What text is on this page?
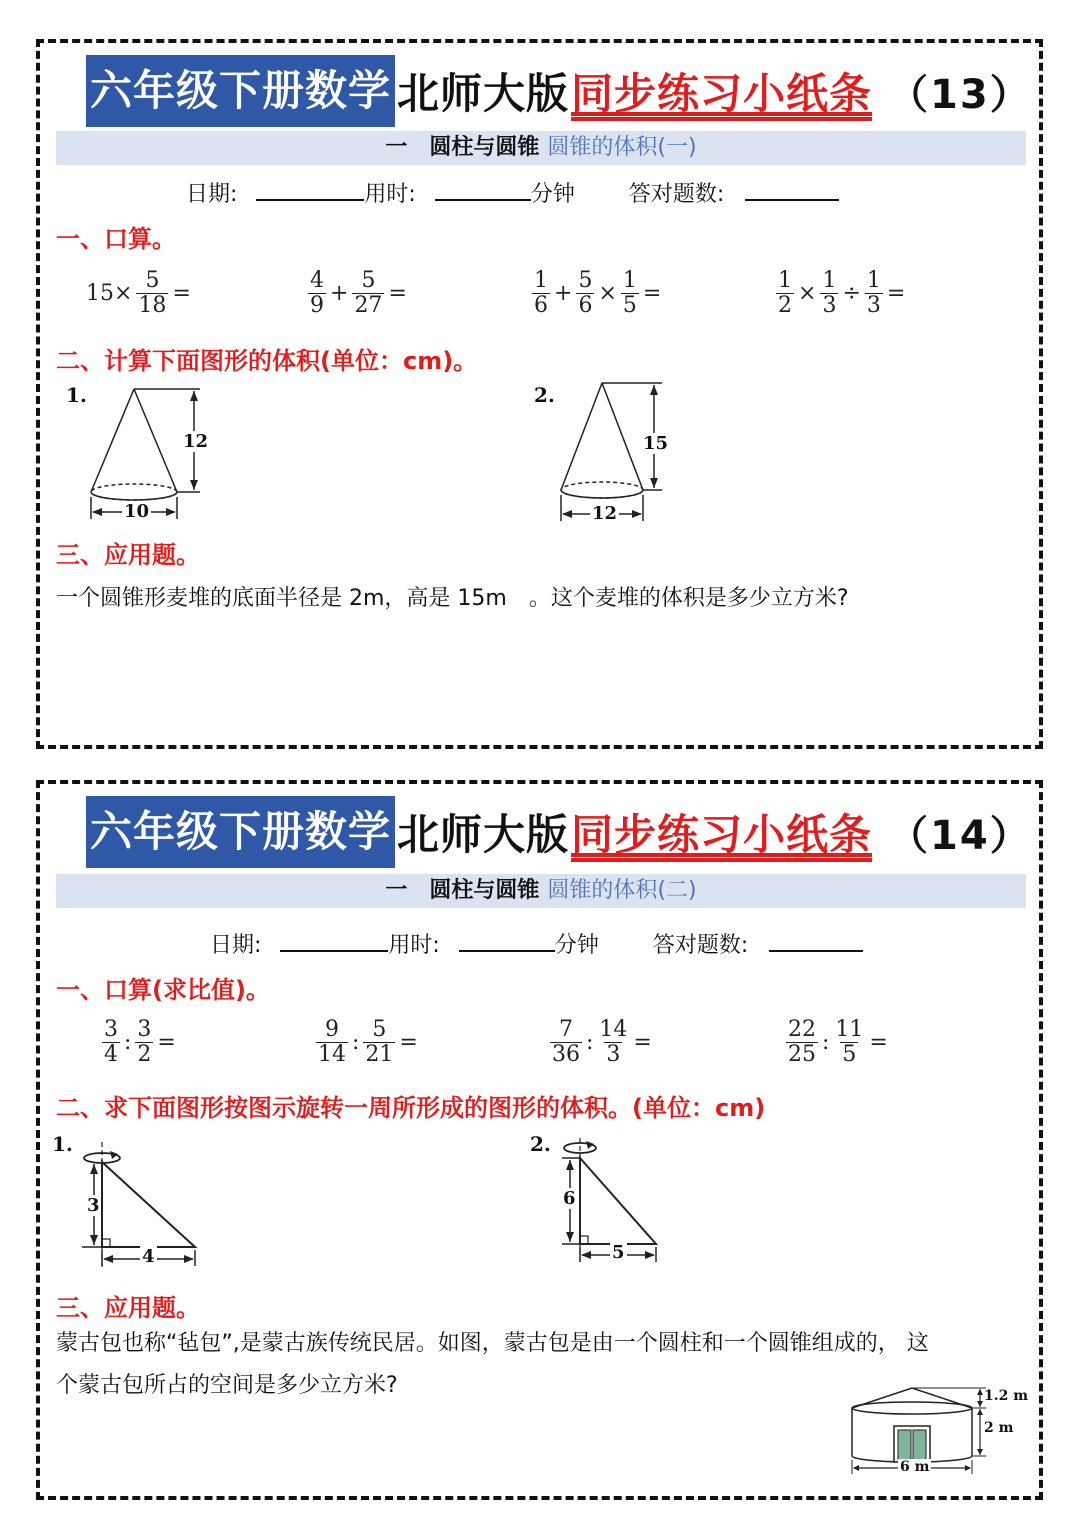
六年级下册数学 北师大版 同步练习小纸条 （13）
一　圆柱与圆锥 圆锥的体积(一)
日期:	用时:	分钟 答对题数:
一、口算。
$15\times \frac{5}{18}$ =	$\frac{4}{9} + \frac{5}{27}$ =	$\frac{1}{6} + \frac{5}{6} \times \frac{1}{5}$ =	$\frac{1}{2} \times \frac{1}{3} \div \frac{1}{3}$ =
二、计算下面图形的体积(单位：cm)。
1.
12
10
2.
15
12
三、应用题。
一个圆锥形麦堆的底面半径是 2m，高是 15m　。这个麦堆的体积是多少立方米?
六年级下册数学 北师大版 同步练习小纸条 （14）
一　圆柱与圆锥 圆锥的体积(二)
日期:	用时:	分钟 答对题数:
一、口算(求比值)。
$\frac{3}{4}$ : $\frac{3}{2}$ =	$\frac{9}{14}$ : $\frac{5}{21}$ =	$\frac{7}{36}$ : $\frac{14}{3}$ =	$\frac{22}{25}$ : $\frac{11}{5}$ =
二、求下面图形按图示旋转一周所形成的图形的体积。(单位：cm)
1.
3
4
2.
6
5
三、应用题。
蒙古包也称“毡包”,是蒙古族传统民居。如图，蒙古包是由一个圆柱和一个圆锥组成的， 这
个蒙古包所占的空间是多少立方米?	1.2 m
2 m
6 m
